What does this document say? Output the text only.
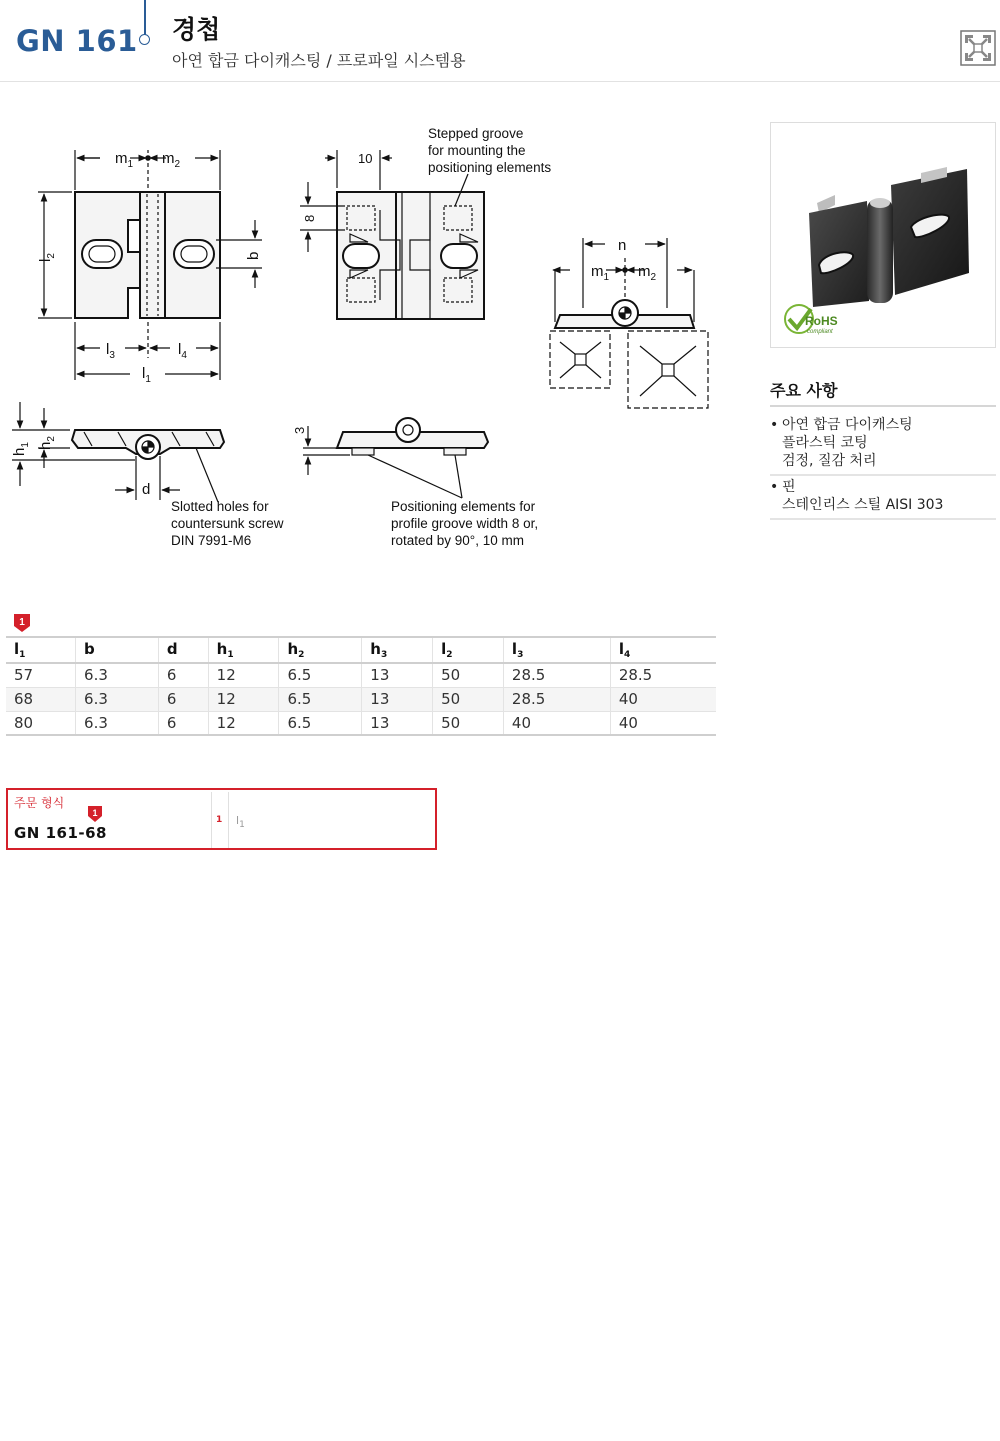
GN 161 경첩
아연 합금 다이캐스팅 / 프로파일 시스템용
$m_1$ $m_2$
$l_2$	b
$l_3$	$l_4$
$l_1$
10
8
n
$m_1$ $m_2$
$h_1$ $h_2$
d
3
Stepped groove
for mounting the
positioning elements
Slotted holes for
countersunk screw
DIN 7991-M6
Positioning elements for
profile groove width 8 or,
rotated by 90°, 10 mm
RoHS
compliant
주요 사항
• 아연 합금 다이캐스팅
플라스틱 코팅
검정, 질감 처리
• 핀
스테인리스 스틸 AISI 303
1
$l_1$	b	d	$h_1$	$h_2$	$h_3$	$l_2$	$l_3$	$l_4$
57	6.3	6	12	6.5	13	50	28.5	28.5
68	6.3	6	12	6.5	13	50	28.5	40
80	6.3	6	12	6.5	13	50	40	40
주문 형식
1
GN 161-68
1 $l_1$
